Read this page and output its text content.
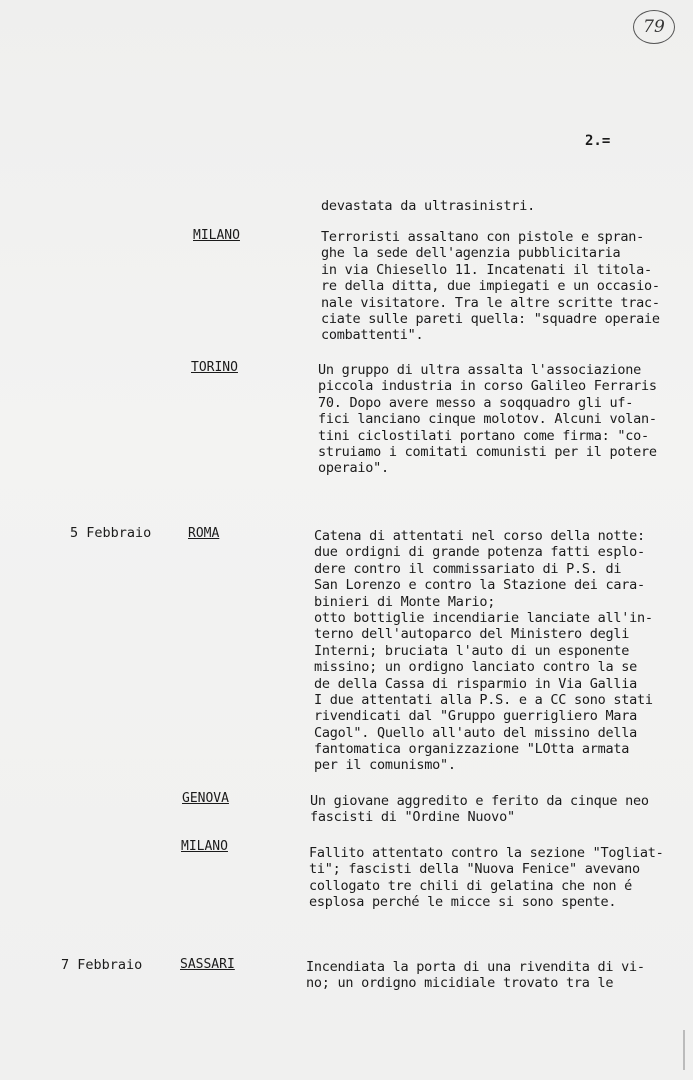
79
2.=
devastata da ultrasinistri.
MILANO	Terroristi assaltano con pistole e spran-
ghe la sede dell'agenzia pubblicitaria
in via Chiesello 11. Incatenati il titola-
re della ditta, due impiegati e un occasio-
nale visitatore. Tra le altre scritte trac-
ciate sulle pareti quella: "squadre operaie
combattenti".
TORINO	Un gruppo di ultra assalta l'associazione
piccola industria in corso Galileo Ferraris
70. Dopo avere messo a soqquadro gli uf-
fici lanciano cinque molotov. Alcuni volan-
tini ciclostilati portano come firma: "co-
struiamo i comitati comunisti per il potere
operaio".
5 Febbraio	ROMA	Catena di attentati nel corso della notte:
due ordigni di grande potenza fatti esplo-
dere contro il commissariato di P.S. di
San Lorenzo e contro la Stazione dei cara-
binieri di Monte Mario;
otto bottiglie incendiarie lanciate all'in-
terno dell'autoparco del Ministero degli
Interni; bruciata l'auto di un esponente
missino; un ordigno lanciato contro la se
de della Cassa di risparmio in Via Gallia
I due attentati alla P.S. e a CC sono stati
rivendicati dal "Gruppo guerrigliero Mara
Cagol". Quello all'auto del missino della
fantomatica organizzazione "LOtta armata
per il comunismo".
GENOVA	Un giovane aggredito e ferito da cinque neo
fascisti di "Ordine Nuovo"
MILANO	Fallito attentato contro la sezione "Togliat-
ti"; fascisti della "Nuova Fenice" avevano
collogato tre chili di gelatina che non é
esplosa perché le micce si sono spente.
7 Febbraio	SASSARI	Incendiata la porta di una rivendita di vi-
no; un ordigno micidiale trovato tra le
